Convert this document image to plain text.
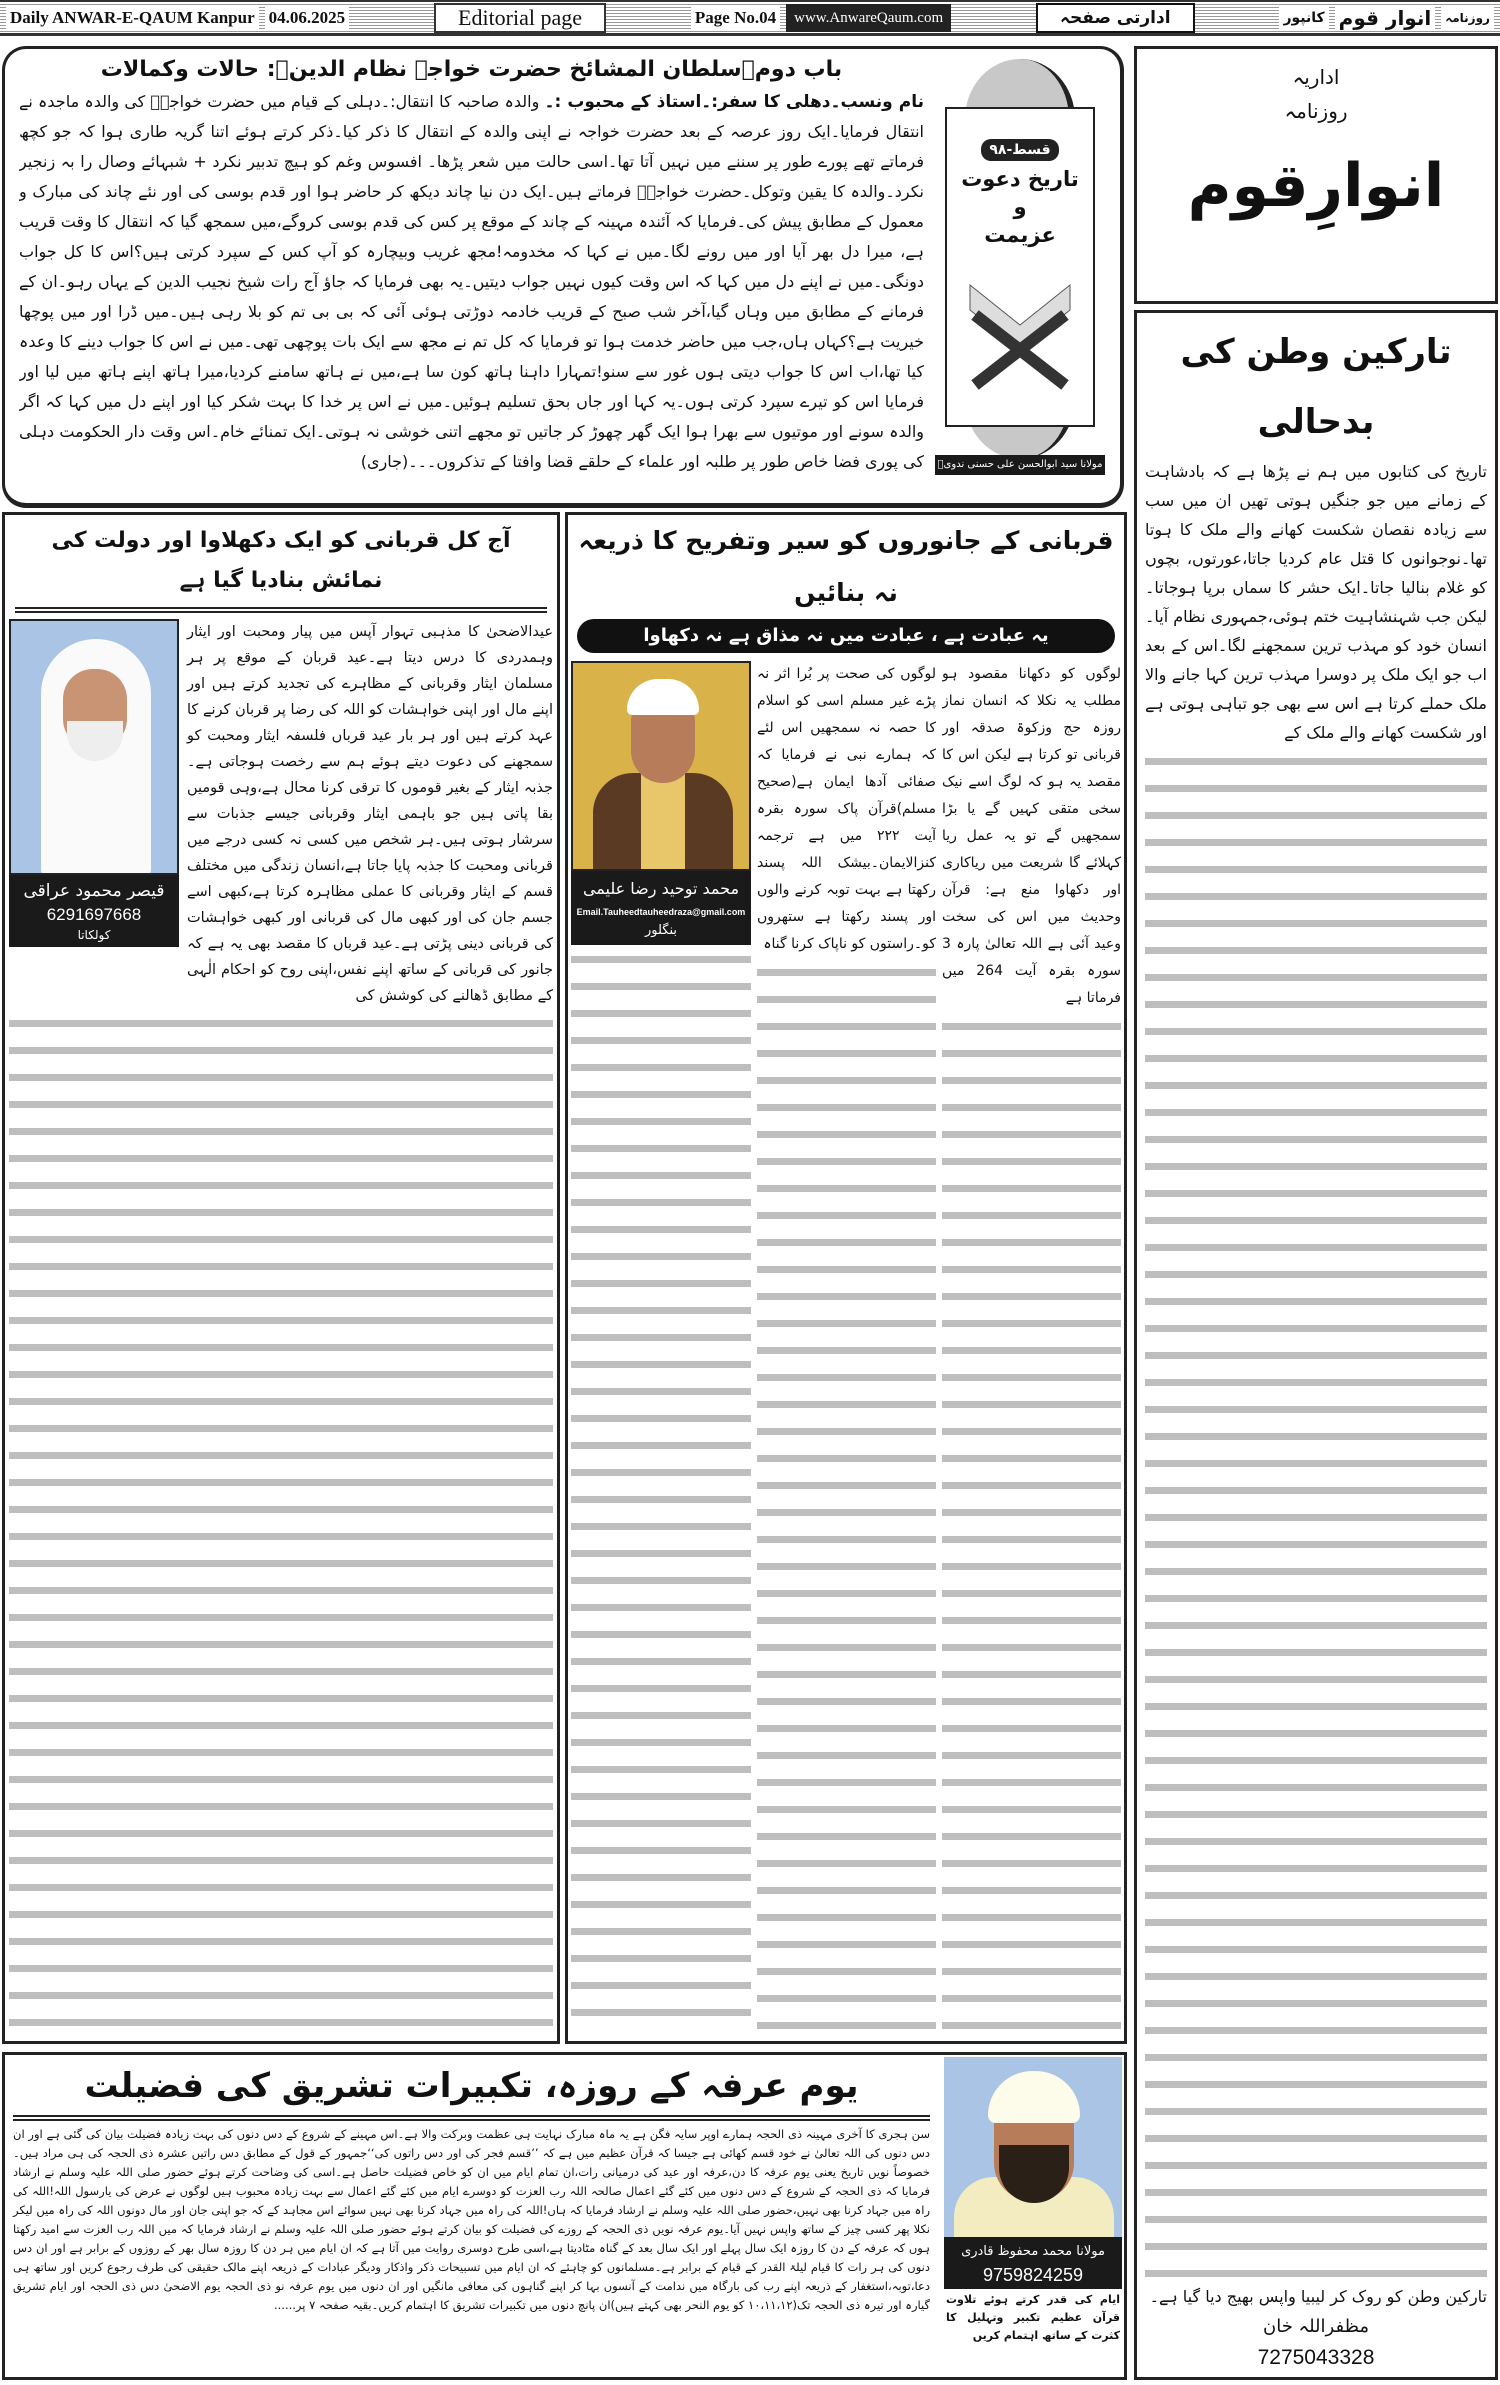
Daily ANWAR-E-QAUM Kanpur 04.06.2025	Editorial page	Page No.04	www.AnwareQaum.com	ادارتی صفحہ	کانپور انوار قوم	روزنامہ
باب دوم۔سلطان المشائخ حضرت خواجہ نظام الدینؒ: حالات وکمالات
نام ونسب۔دھلی کا سفر:۔استاذ کے محبوب :۔ والدہ صاحبہ کا انتقال:۔دہلی کے قیام میں حضرت خواجہؒ کی والدہ ماجدہ نے انتقال فرمایا۔ایک روز عرصہ کے بعد حضرت خواجہ نے اپنی والدہ کے انتقال کا ذکر کیا۔ذکر کرتے ہوئے اتنا گریہ طاری ہوا کہ جو کچھ فرماتے تھے پورے طور پر سننے میں نہیں آتا تھا۔اسی حالت میں شعر پڑھا۔ افسوس وغم کو ہیچ تدبیر نکرد + شبہائے وصال را بہ زنجیر نکرد۔والدہ کا یقین وتوکل۔حضرت خواجہؒ فرماتے ہیں۔ایک دن نیا چاند دیکھ کر حاضر ہوا اور قدم بوسی کی اور نئے چاند کی مبارک و معمول کے مطابق پیش کی۔فرمایا کہ آئندہ مہینہ کے چاند کے موقع پر کس کی قدم بوسی کروگے،میں سمجھ گیا کہ انتقال کا وقت قریب ہے، میرا دل بھر آیا اور میں رونے لگا۔میں نے کہا کہ مخدومہ!مجھ غریب وبیچارہ کو آپ کس کے سپرد کرتی ہیں؟اس کا کل جواب دونگی۔میں نے اپنے دل میں کہا کہ اس وقت کیوں نہیں جواب دیتیں۔یہ بھی فرمایا کہ جاؤ آج رات شیخ نجیب الدین کے یہاں رہو۔ان کے فرمانے کے مطابق میں وہاں گیا،آخر شب صبح کے قریب خادمہ دوڑتی ہوئی آئی کہ بی بی تم کو بلا رہی ہیں۔میں ڈرا اور میں پوچھا خیریت ہے؟کہاں ہاں،جب میں حاضر خدمت ہوا تو فرمایا کہ کل تم نے مجھ سے ایک بات پوچھی تھی۔میں نے اس کا جواب دینے کا وعدہ کیا تھا،اب اس کا جواب دیتی ہوں غور سے سنو!تمہارا داہنا ہاتھ کون سا ہے،میں نے ہاتھ سامنے کردیا،میرا ہاتھ اپنے ہاتھ میں لیا اور فرمایا اس کو تیرے سپرد کرتی ہوں۔یہ کہا اور جاں بحق تسلیم ہوئیں۔میں نے اس پر خدا کا بہت شکر کیا اور اپنے دل میں کہا کہ اگر والدہ سونے اور موتیوں سے بھرا ہوا ایک گھر چھوڑ کر جاتیں تو مجھے اتنی خوشی نہ ہوتی۔ایک تمنائے خام۔اس وقت دار الحکومت دہلی کی پوری فضا خاص طور پر طلبہ اور علماء کے حلقے قضا وافتا کے تذکروں۔۔۔(جاری)
قسط-۹۸
تاریخ دعوت
و
عزیمت
مولانا سید ابوالحسن علی حسنی ندویؒ
اداریہ
روزنامہ
انوارِقوم
تارکین وطن کی بدحالی
تاریخ کی کتابوں میں ہم نے پڑھا ہے کہ بادشاہت کے زمانے میں جو جنگیں ہوتی تھیں ان میں سب سے زیادہ نقصان شکست کھانے والے ملک کا ہوتا تھا۔نوجوانوں کا قتل عام کردیا جاتا،عورتوں، بچوں کو غلام بنالیا جاتا۔ایک حشر کا سماں برپا ہوجاتا۔لیکن جب شہنشاہیت ختم ہوئی،جمہوری نظام آیا۔انسان خود کو مہذب ترین سمجھنے لگا۔اس کے بعد اب جو ایک ملک پر دوسرا مہذب ترین کہا جانے والا ملک حملے کرتا ہے اس سے بھی جو تباہی ہوتی ہے اور شکست کھانے والے ملک کے
تارکین وطن کو روک کر لیبیا واپس بھیج دیا گیا ہے۔
مظفراللہ خان
7275043328
آج کل قربانی کو ایک دکھلاوا اور دولت کی نمائش بنادیا گیا ہے
قیصر محمود عراقی
6291697668
کولکاتا
عیدالاضحیٰ کا مذہبی تہوار آپس میں پیار ومحبت اور ایثار وہمدردی کا درس دیتا ہے۔عید قربان کے موقع پر ہر مسلمان ایثار وقربانی کے مظاہرے کی تجدید کرتے ہیں اور اپنے مال اور اپنی خواہشات کو اللہ کی رضا پر قربان کرنے کا عہد کرتے ہیں اور ہر بار عید قرباں فلسفہ ایثار ومحبت کو سمجھنے کی دعوت دیتے ہوئے ہم سے رخصت ہوجاتی ہے۔جذبہ ایثار کے بغیر قوموں کا ترقی کرنا محال ہے،وہی قومیں بقا پاتی ہیں جو باہمی ایثار وقربانی جیسے جذبات سے سرشار ہوتی ہیں۔ہر شخص میں کسی نہ کسی درجے میں قربانی ومحبت کا جذبہ پایا جاتا ہے،انسان زندگی میں مختلف قسم کے ایثار وقربانی کا عملی مظاہرہ کرتا ہے،کبھی اسے جسم جان کی اور کبھی مال کی قربانی اور کبھی خواہشات کی قربانی دینی پڑتی ہے۔عید قرباں کا مقصد بھی یہ ہے کہ جانور کی قربانی کے ساتھ اپنے نفس،اپنی روح کو احکام الٰہی کے مطابق ڈھالنے کی کوشش کی
قربانی کے جانوروں کو سیر وتفریح کا ذریعہ نہ بنائیں
یہ عبادت ہے ، عبادت میں نہ مذاق ہے نہ دکھاوا
محمد توحید رضا علیمی
Email.Tauheedtauheedraza@gmail.com
بنگلور
لوگوں کی صحت پر بُرا اثر نہ پڑے غیر مسلم اسی کو اسلام کا حصہ نہ سمجھیں اس لئے کہ ہمارے نبی نے فرمایا کہ صفائی آدھا ایمان ہے(صحیح مسلم)قرآن پاک سورہ بقرہ آیت ۲۲۲ میں ہے ترجمہ کنزالایمان۔بیشک اللہ پسند رکھتا ہے بہت توبہ کرنے والوں اور پسند رکھتا ہے ستھروں کو۔راستوں کو ناپاک کرنا گناہ
لوگوں کو دکھانا مقصود ہو مطلب یہ نکلا کہ انسان نماز روزہ حج وزکوۃ صدقہ اور قربانی تو کرتا ہے لیکن اس کا مقصد یہ ہو کہ لوگ اسے نیک سخی متقی کہیں گے یا بڑا سمجھیں گے تو یہ عمل ریا کہلائے گا شریعت میں ریاکاری اور دکھاوا منع ہے: قرآن وحدیث میں اس کی سخت وعید آئی ہے اللہ تعالیٰ پارہ 3 سورہ بقرہ آیت 264 میں فرماتا ہے
یوم عرفہ کے روزہ، تکبیرات تشریق کی فضیلت
سن ہجری کا آخری مہینہ ذی الحجہ ہمارے اوپر سایہ فگن ہے یہ ماہ مبارک نہایت ہی عظمت وبرکت والا ہے۔اس مہینے کے شروع کے دس دنوں کی بہت زیادہ فضیلت بیان کی گئی ہے اور ان دس دنوں کی اللہ تعالیٰ نے خود قسم کھائی ہے جیسا کہ قرآن عظیم میں ہے کہ ’’قسم فجر کی اور دس راتوں کی‘‘جمہور کے قول کے مطابق دس راتیں عشرہ ذی الحجہ کی ہی مراد ہیں۔خصوصاً نویں تاریخ یعنی یوم عرفہ کا دن،عرفہ اور عید کی درمیانی رات،ان تمام ایام میں ان کو خاص فضیلت حاصل ہے۔اسی کی وضاحت کرتے ہوئے حضور صلی اللہ علیہ وسلم نے ارشاد فرمایا کہ ذی الحجہ کے شروع کے دس دنوں میں کئے گئے اعمال صالحہ اللہ رب العزت کو دوسرے ایام میں کئے گئے اعمال سے بہت زیادہ محبوب ہیں لوگوں نے عرض کی یارسول اللہ!اللہ کی راہ میں جہاد کرنا بھی نہیں،حضور صلی اللہ علیہ وسلم نے ارشاد فرمایا کہ ہاں!اللہ کی راہ میں جہاد کرنا بھی نہیں سوائے اس مجاہد کے کہ جو اپنی جان اور مال دونوں اللہ کی راہ میں لیکر نکلا پھر کسی چیز کے ساتھ واپس نہیں آیا۔یوم عرفہ نویں ذی الحجہ کے روزے کی فضیلت کو بیان کرتے ہوئے حضور صلی اللہ علیہ وسلم نے ارشاد فرمایا کہ میں اللہ رب العزت سے امید رکھتا ہوں کہ عرفہ کے دن کا روزہ ایک سال پہلے اور ایک سال بعد کے گناہ مٹادیتا ہے،اسی طرح دوسری روایت میں آتا ہے کہ ان ایام میں ہر دن کا روزہ سال بھر کے روزوں کے برابر ہے اور ان دس دنوں کی ہر رات کا قیام لیلۃ القدر کے قیام کے برابر ہے۔مسلمانوں کو چاہئے کہ ان ایام میں تسبیحات ذکر واذکار ودیگر عبادات کے ذریعہ اپنے مالک حقیقی کی طرف رجوع کریں اور ساتھ ہی دعا،توبہ،استغفار کے ذریعہ اپنے رب کی بارگاہ میں ندامت کے آنسوں بہا کر اپنے گناہوں کی معافی مانگیں اور ان دنوں میں یوم عرفہ نو ذی الحجہ یوم الاضحیٰ دس ذی الحجہ اور ایام تشریق گیارہ اور تیرہ ذی الحجہ تک(۱۰،۱۱،۱۲ کو یوم النحر بھی کہتے ہیں)ان پانچ دنوں میں تکبیرات تشریق کا اہتمام کریں۔بقیہ صفحہ ۷ پر......
مولانا محمد محفوظ قادری
9759824259
ایام کی قدر کرتے ہوئے تلاوت قرآن عظیم تکبیر وتہلیل کا کثرت کے ساتھ اہتمام کریں
